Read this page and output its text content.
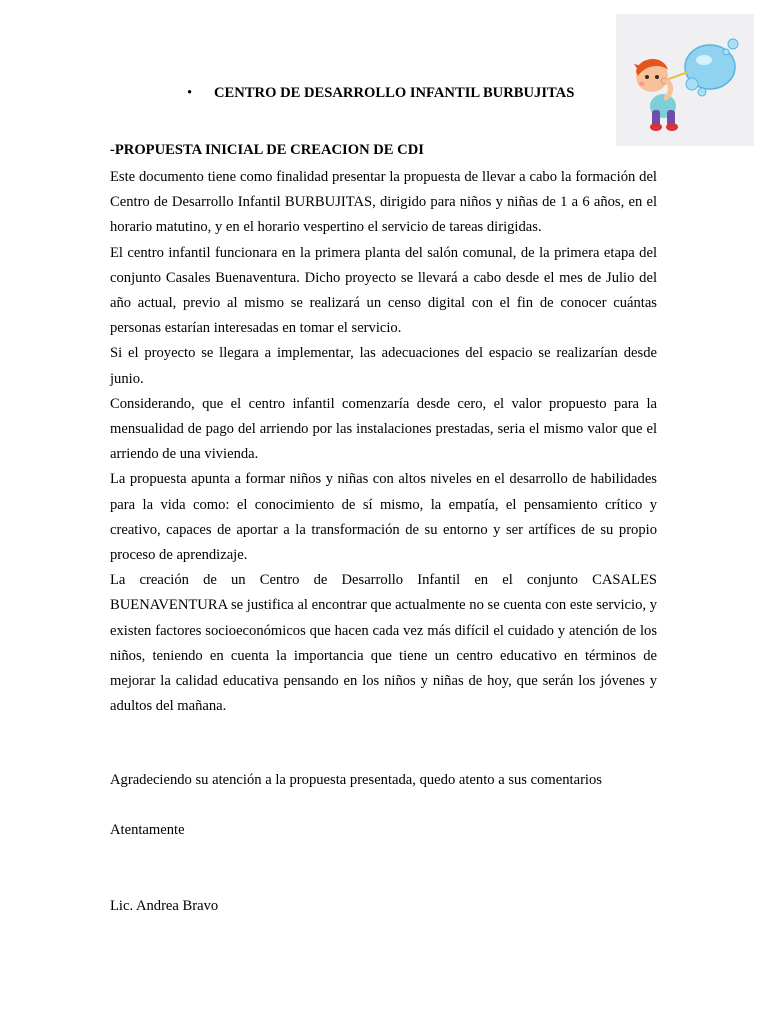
• CENTRO DE DESARROLLO INFANTIL BURBUJITAS
-PROPUESTA INICIAL DE CREACION DE CDI

Este documento tiene como finalidad presentar la propuesta de llevar a cabo la formación del Centro de Desarrollo Infantil BURBUJITAS, dirigido para niños y niñas de 1 a 6 años, en el horario matutino, y en el horario vespertino el servicio de tareas dirigidas.

El centro infantil funcionara en la primera planta del salón comunal, de la primera etapa del conjunto Casales Buenaventura. Dicho proyecto se llevará a cabo desde el mes de Julio del año actual, previo al mismo se realizará un censo digital con el fin de conocer cuántas personas estarían interesadas en tomar el servicio.

Si el proyecto se llegara a implementar, las adecuaciones del espacio se realizarían desde junio.

Considerando, que el centro infantil comenzaría desde cero, el valor propuesto para la mensualidad de pago del arriendo por las instalaciones prestadas, seria el mismo valor que el arriendo de una vivienda.

La propuesta apunta a formar niños y niñas con altos niveles en el desarrollo de habilidades para la vida como: el conocimiento de sí mismo, la empatía, el pensamiento crítico y creativo, capaces de aportar a la transformación de su entorno y ser artífices de su propio proceso de aprendizaje.

La creación de un Centro de Desarrollo Infantil en el conjunto CASALES BUENAVENTURA se justifica al encontrar que actualmente no se cuenta con este servicio, y existen factores socioeconómicos que hacen cada vez más difícil el cuidado y atención de los niños, teniendo en cuenta la importancia que tiene un centro educativo en términos de mejorar la calidad educativa pensando en los niños y niñas de hoy, que serán los jóvenes y adultos del mañana.

Agradeciendo su atención a la propuesta presentada, quedo atento a sus comentarios
Atentamente
Lic. Andrea Bravo
